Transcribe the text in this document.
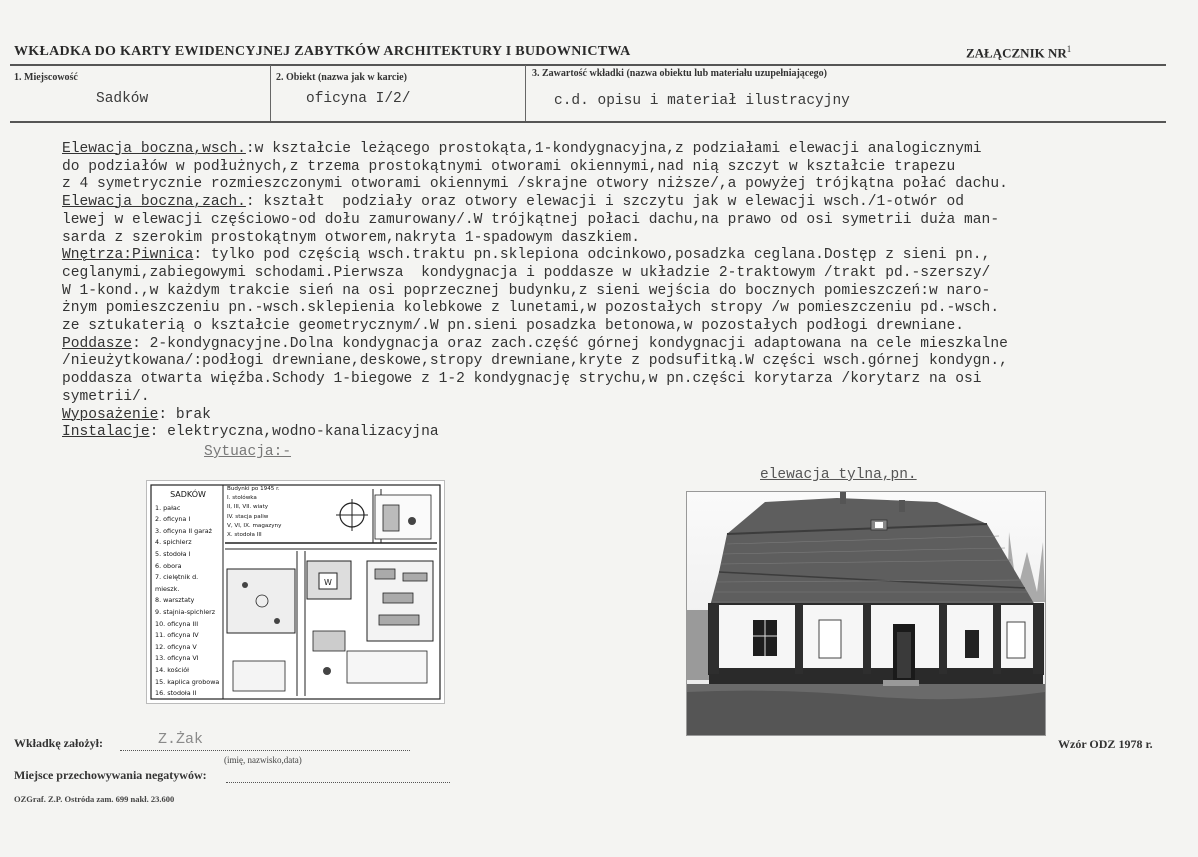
WKŁADKA DO KARTY EWIDENCYJNEJ ZABYTKÓW ARCHITEKTURY I BUDOWNICTWA	ZAŁĄCZNIK $NR^1$
1. Miejscowość
Sadków
2. Obiekt (nazwa jak w karcie)
oficyna I/2/
3. Zawartość wkładki (nazwa obiektu lub materiału uzupełniającego)
c.d. opisu i materiał ilustracyjny
Elewacja boczna,wsch.:w kształcie leżącego prostokąta,1-kondygnacyjna,z podziałami elewacji analogicznymi
do podziałów w podłużnych,z trzema prostokątnymi otworami okiennymi,nad nią szczyt w kształcie trapezu
z 4 symetrycznie rozmieszczonymi otworami okiennymi /skrajne otwory niższe/,a powyżej trójkątna połać dachu.
Elewacja boczna,zach.: kształt  podziały oraz otwory elewacji i szczytu jak w elewacji wsch./1-otwór od
lewej w elewacji częściowo-od dołu zamurowany/.W trójkątnej połaci dachu,na prawo od osi symetrii duża man-
sarda z szerokim prostokątnym otworem,nakryta 1-spadowym daszkiem.
Wnętrza:Piwnica: tylko pod częścią wsch.traktu pn.sklepiona odcinkowo,posadzka ceglana.Dostęp z sieni pn.,
ceglanymi,zabiegowymi schodami.Pierwsza  kondygnacja i poddasze w układzie 2-traktowym /trakt pd.-szerszy/
W 1-kond.,w każdym trakcie sień na osi poprzecznej budynku,z sieni wejścia do bocznych pomieszczeń:w naro-
żnym pomieszczeniu pn.-wsch.sklepienia kolebkowe z lunetami,w pozostałych stropy /w pomieszczeniu pd.-wsch.
ze sztukaterią o kształcie geometrycznym/.W pn.sieni posadzka betonowa,w pozostałych podłogi drewniane.
Poddasze: 2-kondygnacyjne.Dolna kondygnacja oraz zach.część górnej kondygnacji adaptowana na cele mieszkalne
/nieużytkowana/:podłogi drewniane,deskowe,stropy drewniane,kryte z podsufitką.W części wsch.górnej kondygn.,
poddasza otwarta więźba.Schody 1-biegowe z 1-2 kondygnację strychu,w pn.części korytarza /korytarz na osi
symetrii/.
Wyposażenie: brak
Instalacje: elektryczna,wodno-kanalizacyjna
Sytuacja:-
elewacja tylna,pn.
W
SADKÓW
1. pałac
2. oficyna I
3. oficyna II garaż
4. spichlerz
5. stodoła I
6. obora
7. cielętnik d. mieszk.
8. warsztaty
9. stajnia-spichlerz
10. oficyna III
11. oficyna IV
12. oficyna V
13. oficyna VI
14. kościół
15. kaplica grobowa
16. stodoła II
Budynki po 1945 r.
I. stolówka
II, III, VII. wiaty
IV. stacja paliw
V, VI, IX. magazyny
X. stodoła III
Wkładkę założył:	Z.Żak
(imię, nazwisko,data)
Wzór ODZ 1978 r.
Miejsce przechowywania negatywów:
OZGraf. Z.P. Ostróda zam. 699 nakł. 23.600
